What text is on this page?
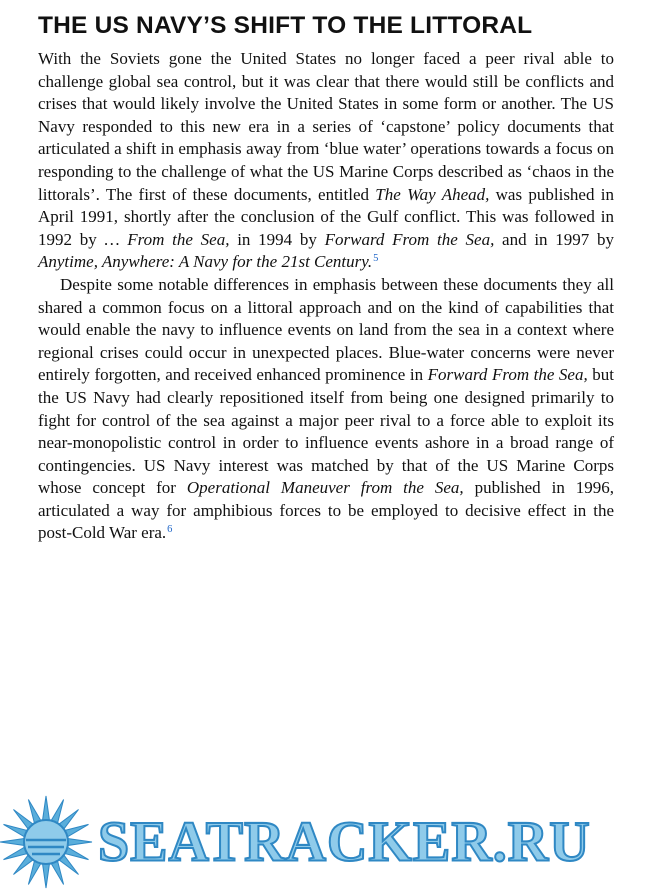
THE US NAVY’S SHIFT TO THE LITTORAL

With the Soviets gone the United States no longer faced a peer rival able to challenge global sea control, but it was clear that there would still be conflicts and crises that would likely involve the United States in some form or another. The US Navy responded to this new era in a series of ‘capstone’ policy documents that articulated a shift in emphasis away from ‘blue water’ operations towards a focus on responding to the challenge of what the US Marine Corps described as ‘chaos in the littorals’. The first of these documents, entitled The Way Ahead, was published in April 1991, shortly after the conclusion of the Gulf conflict. This was followed in 1992 by … From the Sea, in 1994 by Forward From the Sea, and in 1997 by Anytime, Anywhere: A Navy for the 21st Century.$^5$

Despite some notable differences in emphasis between these documents they all shared a common focus on a littoral approach and on the kind of capabilities that would enable the navy to influence events on land from the sea in a context where regional crises could occur in unexpected places. Blue-water concerns were never entirely forgotten, and received enhanced prominence in Forward From the Sea, but the US Navy had clearly repositioned itself from being one designed primarily to fight for control of the sea against a major peer rival to a force able to exploit its near-monopolistic control in order to influence events ashore in a broad range of contingencies. US Navy interest was matched by that of the US Marine Corps whose concept for Operational Maneuver from the Sea, published in 1996, articulated a way for amphibious forces to be employed to decisive effect in the post-Cold War era.$^6$

SEATRACKER.RU
